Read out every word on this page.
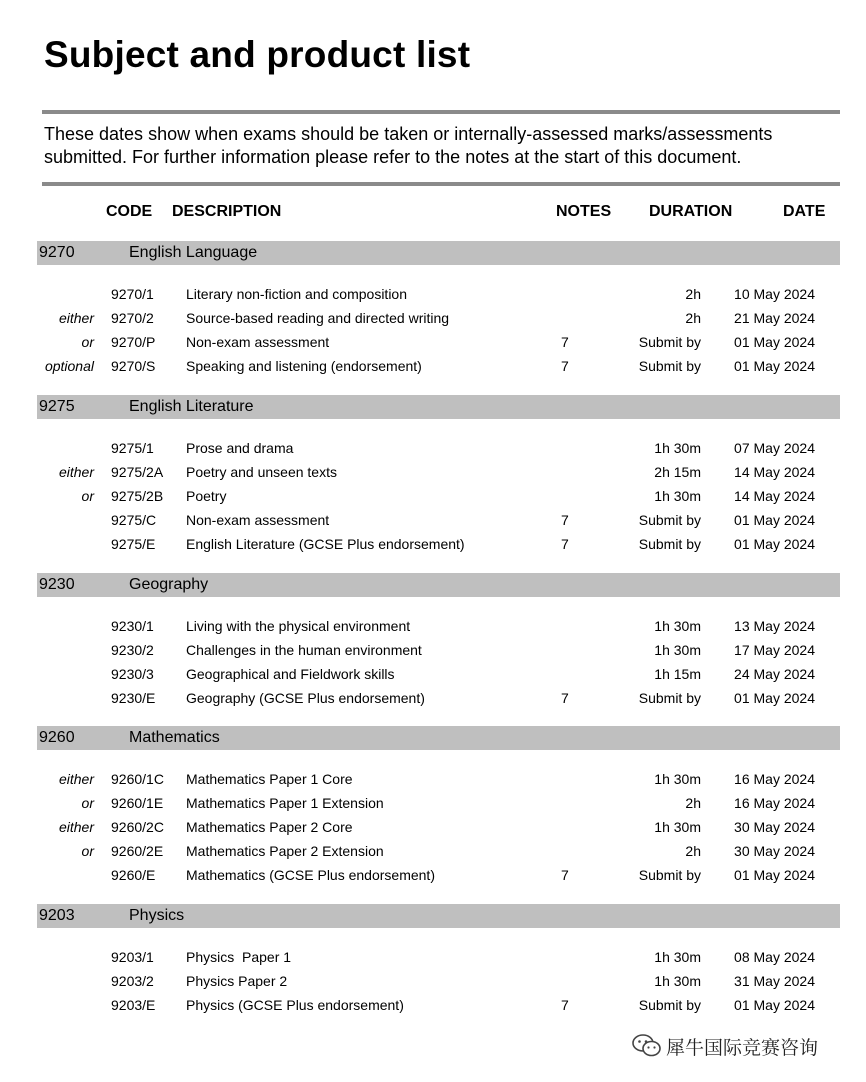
Subject and product list
These dates show when exams should be taken or internally-assessed marks/assessments submitted. For further information please refer to the notes at the start of this document.
CODE DESCRIPTION	NOTES DURATION	DATE
9270	English Language
9270/1 Literary non-fiction and composition	2h 10 May 2024
either 9270/2 Source-based reading and directed writing	2h 21 May 2024
or 9270/P Non-exam assessment	7	Submit by 01 May 2024
optional 9270/S Speaking and listening (endorsement)	7	Submit by 01 May 2024
9275	English Literature
9275/1 Prose and drama	1h 30m 07 May 2024
either 9275/2A Poetry and unseen texts	2h 15m 14 May 2024
or 9275/2B Poetry	1h 30m 14 May 2024
9275/C Non-exam assessment	7	Submit by 01 May 2024
9275/E English Literature (GCSE Plus endorsement)	7	Submit by 01 May 2024
9230	Geography
9230/1 Living with the physical environment	1h 30m 13 May 2024
9230/2 Challenges in the human environment	1h 30m 17 May 2024
9230/3 Geographical and Fieldwork skills	1h 15m 24 May 2024
9230/E Geography (GCSE Plus endorsement)	7	Submit by 01 May 2024
9260	Mathematics
either 9260/1C Mathematics Paper 1 Core	1h 30m 16 May 2024
or 9260/1E Mathematics Paper 1 Extension	2h 16 May 2024
either 9260/2C Mathematics Paper 2 Core	1h 30m 30 May 2024
or 9260/2E Mathematics Paper 2 Extension	2h 30 May 2024
9260/E Mathematics (GCSE Plus endorsement)	7	Submit by 01 May 2024
9203	Physics
9203/1 Physics  Paper 1	1h 30m 08 May 2024
9203/2 Physics Paper 2	1h 30m 31 May 2024
9203/E Physics (GCSE Plus endorsement)	7	Submit by 01 May 2024
犀牛国际竞赛咨询
